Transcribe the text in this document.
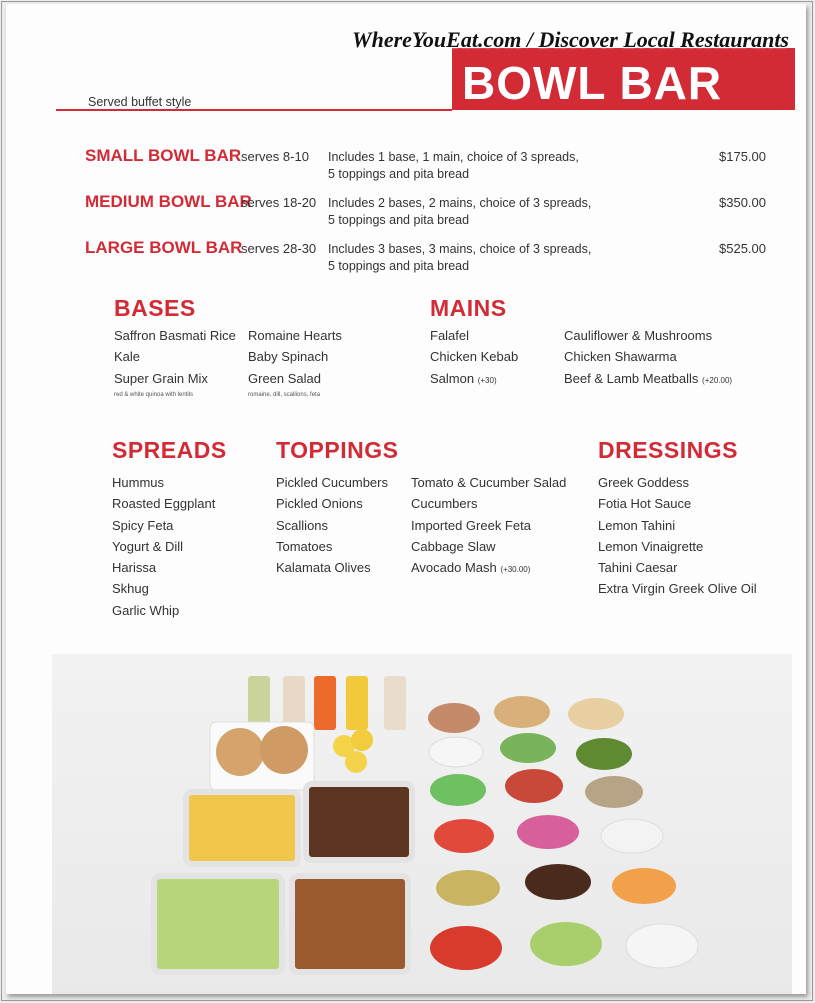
BOWL BAR
Served buffet style
SMALL BOWL BAR serves 8-10 Includes 1 base, 1 main, choice of 3 spreads,
5 toppings and pita bread
$175.00
MEDIUM BOWL BAR
serves 18-20 Includes 2 bases, 2 mains, choice of 3 spreads,
5 toppings and pita bread
$350.00
LARGE BOWL BAR
serves 28-30 Includes 3 bases, 3 mains, choice of 3 spreads,
5 toppings and pita bread
$525.00
BASES
Saffron Basmati Rice
Kale
Super Grain Mix
red & white quinoa with lentils
Romaine Hearts
Baby Spinach
Green Salad
romaine, dill, scallions, feta
MAINS
Falafel
Chicken Kebab
Salmon (+30)
Cauliflower & Mushrooms
Chicken Shawarma
Beef & Lamb Meatballs (+20.00)
SPREADS
Hummus
Roasted Eggplant
Spicy Feta
Yogurt & Dill
Harissa
Skhug
Garlic Whip
TOPPINGS
Pickled Cucumbers
Pickled Onions
Scallions
Tomatoes
Kalamata Olives
Tomato & Cucumber Salad
Cucumbers
Imported Greek Feta
Cabbage Slaw
Avocado Mash (+30.00)
DRESSINGS
Greek Goddess
Fotia Hot Sauce
Lemon Tahini
Lemon Vinaigrette
Tahini Caesar
Extra Virgin Greek Olive Oil
WhereYouEat.com / Discover Local Restaurants
